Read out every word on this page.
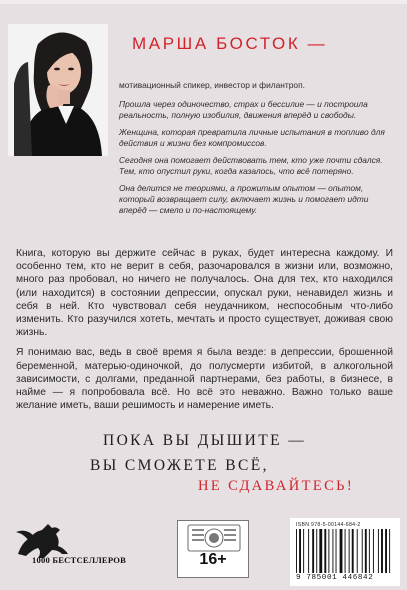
МАРША БОСТОК —

мотивационный спикер, инвестор и филантроп.

Прошла через одиночество, страх и бессилие — и построила реальность, полную изобилия, движения вперёд и свободы.

Женщина, которая превратила личные испытания в топливо для действия и жизни без компромиссов.

Сегодня она помогает действовать тем, кто уже почти сдался. Тем, кто опустил руки, когда казалось, что всё потеряно.

Она делится не теориями, а прожитым опытом — опытом, который возвращает силу, включает жизнь и помогает идти вперёд — смело и по-настоящему.

Книга, которую вы держите сейчас в руках, будет интересна каждому. И особенно тем, кто не верит в себя, разочаровался в жизни или, возможно, много раз пробовал, но ничего не получалось. Она для тех, кто находился (или находится) в состоянии депрессии, опускал руки, ненавидел жизнь и себя в ней. Кто чувствовал себя неудачником, неспособным что-либо изменить. Кто разучился хотеть, мечтать и просто существует, доживая свою жизнь.

Я понимаю вас, ведь в своё время я была везде: в депрессии, брошенной беременной, матерью-одиночкой, до полусмерти избитой, в алкогольной зависимости, с долгами, преданной партнерами, без работы, в бизнесе, в найме — я попробовала всё. Но всё это неважно. Важно только ваше желание иметь, ваши решимость и намерение иметь.

ПОКА ВЫ ДЫШИТЕ —
ВЫ СМОЖЕТЕ ВСЁ,
НЕ СДАВАЙТЕСЬ!
1000 БЕСТСЕЛЛЕРОВ	16+
ISBN 978-5-00144-684-2
9 785001 446842
